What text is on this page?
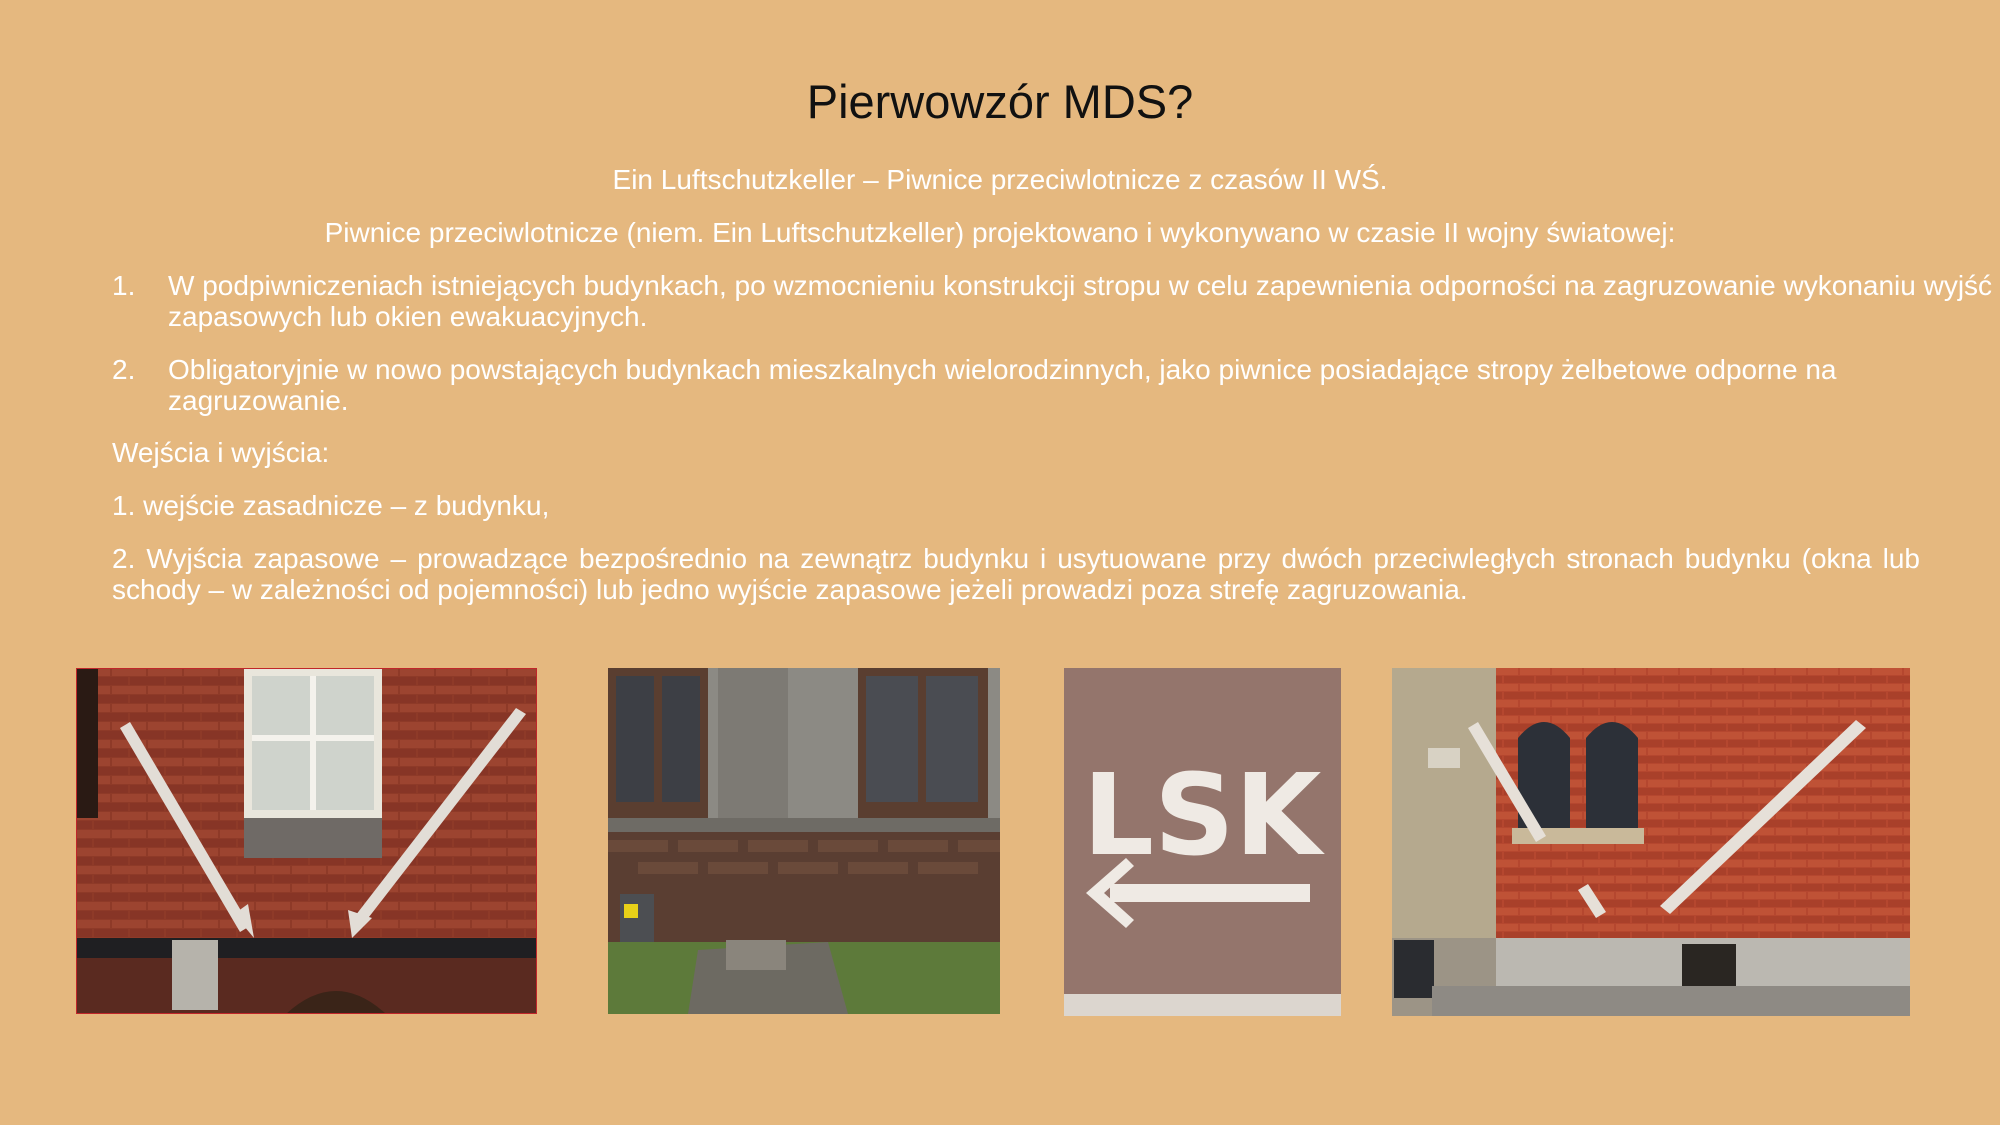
Pierwowzór MDS?
Ein Luftschutzkeller – Piwnice przeciwlotnicze z czasów II WŚ.
Piwnice przeciwlotnicze (niem. Ein Luftschutzkeller) projektowano i wykonywano w czasie II wojny światowej:
1. W podpiwniczeniach istniejących budynkach, po wzmocnieniu konstrukcji stropu w celu zapewnienia odporności na zagruzowanie wykonaniu wyjść zapasowych lub okien ewakuacyjnych.
2. Obligatoryjnie w nowo powstających budynkach mieszkalnych wielorodzinnych, jako piwnice posiadające stropy żelbetowe odporne na zagruzowanie.
Wejścia i wyjścia:
1. wejście zasadnicze – z budynku,
2. Wyjścia zapasowe – prowadzące bezpośrednio na zewnątrz budynku i usytuowane przy dwóch przeciwległych stronach budynku (okna lub schody – w zależności od pojemności) lub jedno wyjście zapasowe jeżeli prowadzi poza strefę zagruzowania.
LSK
